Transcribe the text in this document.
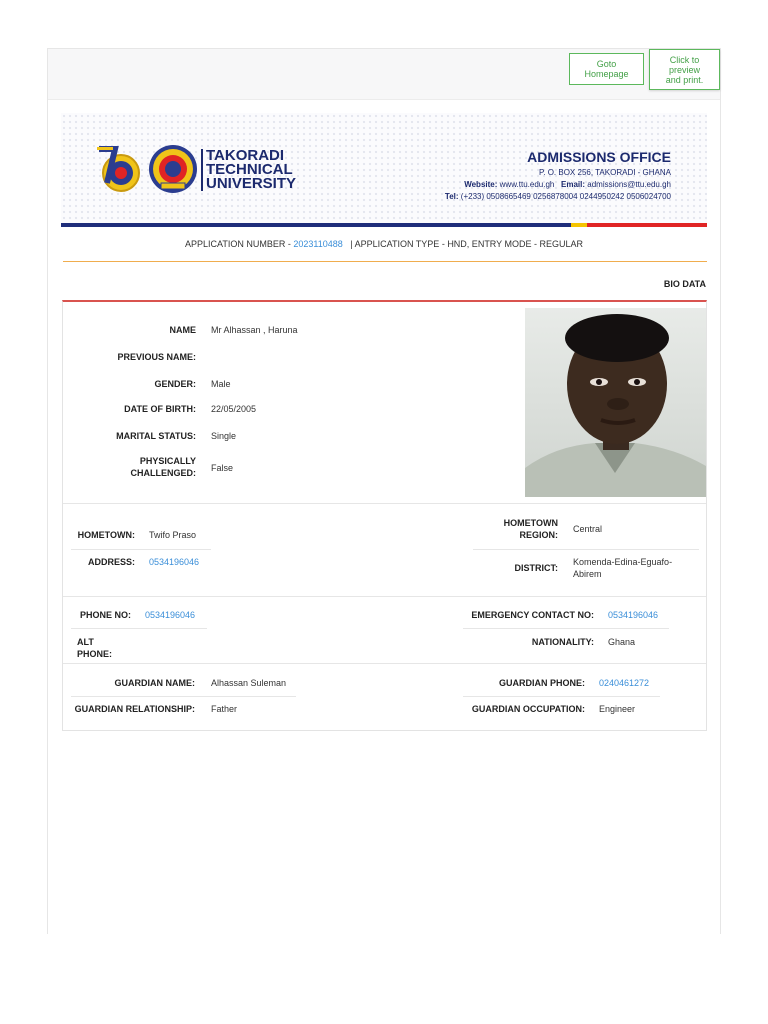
Goto Homepage
Click to preview and print.
TAKORADI
TECHNICAL
UNIVERSITY
ADMISSIONS OFFICE
P. O. BOX 256, TAKORADI - GHANA
Website: www.ttu.edu.gh Email: admissions@ttu.edu.gh
Tel: (+233) 0508665469 0256878004 0244950242 0506024700
APPLICATION NUMBER - 2023110488 | APPLICATION TYPE - HND, ENTRY MODE - REGULAR
BIO DATA
NAME Mr Alhassan , Haruna
PREVIOUS NAME:
GENDER: Male
DATE OF BIRTH: 22/05/2005
MARITAL STATUS: Single
PHYSICALLY
CHALLENGED: False
HOMETOWN: Twifo Praso
ADDRESS: 0534196046
HOMETOWN
REGION:
Central
DISTRICT:
Komenda-Edina-Eguafo-
Abirem
PHONE NO: 0534196046
ALT PHONE:
EMERGENCY CONTACT NO: 0534196046
NATIONALITY: Ghana
GUARDIAN NAME: Alhassan Suleman
GUARDIAN RELATIONSHIP: Father
GUARDIAN PHONE: 0240461272
GUARDIAN OCCUPATION: Engineer
